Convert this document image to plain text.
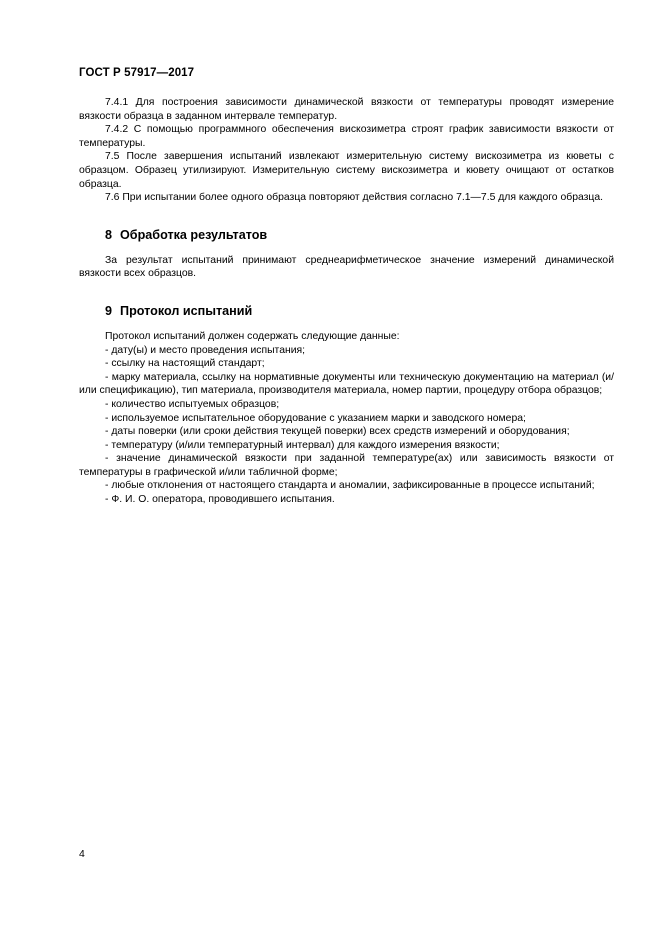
ГОСТ Р 57917—2017

7.4.1 Для построения зависимости динамической вязкости от температуры проводят измерение вязкости образца в заданном интервале температур.

7.4.2 С помощью программного обеспечения вискозиметра строят график зависимости вязкости от температуры.

7.5 После завершения испытаний извлекают измерительную систему вискозиметра из кюветы с образцом. Образец утилизируют. Измерительную систему вискозиметра и кювету очищают от остатков образца.

7.6 При испытании более одного образца повторяют действия согласно 7.1—7.5 для каждого образца.

8 Обработка результатов

За результат испытаний принимают среднеарифметическое значение измерений динамической вязкости всех образцов.

9 Протокол испытаний

Протокол испытаний должен содержать следующие данные:

- дату(ы) и место проведения испытания;
- ссылку на настоящий стандарт;
- марку материала, ссылку на нормативные документы или техническую документацию на материал (и/или спецификацию), тип материала, производителя материала, номер партии, процедуру отбора образцов;
- количество испытуемых образцов;
- используемое испытательное оборудование с указанием марки и заводского номера;
- даты поверки (или сроки действия текущей поверки) всех средств измерений и оборудования;
- температуру (и/или температурный интервал) для каждого измерения вязкости;
- значение динамической вязкости при заданной температуре(ах) или зависимость вязкости от температуры в графической и/или табличной форме;
- любые отклонения от настоящего стандарта и аномалии, зафиксированные в процессе испытаний;
- Ф. И. О. оператора, проводившего испытания.
4
